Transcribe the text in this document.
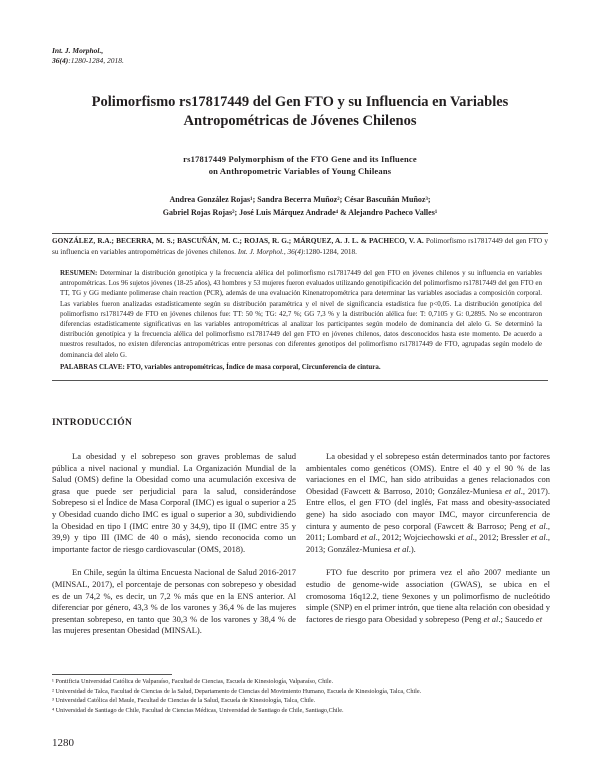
Int. J. Morphol.,
36(4):1280-1284, 2018.
Polimorfismo rs17817449 del Gen FTO y su Influencia en Variables Antropométricas de Jóvenes Chilenos
rs17817449 Polymorphism of the FTO Gene and its Influence
on Anthropometric Variables of Young Chileans
Andrea González Rojas¹; Sandra Becerra Muñoz²; César Bascuñán Muñoz³;
Gabriel Rojas Rojas²; José Luis Márquez Andrade⁴ & Alejandro Pacheco Valles¹
GONZÁLEZ, R.A.; BECERRA, M. S.; BASCUÑÁN, M. C.; ROJAS, R. G.; MÁRQUEZ, A. J. L. & PACHECO, V. A. Polimorfismo rs17817449 del gen FTO y su influencia en variables antropométricas de jóvenes chilenos. Int. J. Morphol., 36(4):1280-1284, 2018.
RESUMEN: Determinar la distribución genotípica y la frecuencia alélica del polimorfismo rs17817449 del gen FTO en jóvenes chilenos y su influencia en variables antropométricas. Los 96 sujetos jóvenes (18-25 años), 43 hombres y 53 mujeres fueron evaluados utilizando genotipificación del polimorfismo rs17817449 del gen FTO en TT, TG y GG mediante polimerase chain reaction (PCR), además de una evaluación Kinenatropométrica para determinar las variables asociadas a composición corporal. Las variables fueron analizadas estadísticamente según su distribución paramétrica y el nivel de significancia estadística fue p<0,05. La distribución genotípica del polimorfismo rs17817449 de FTO en jóvenes chilenos fue: TT: 50 %; TG: 42,7 %; GG 7,3 % y la distribución alélica fue: T: 0,7105 y G: 0,2895. No se encontraron diferencias estadísticamente significativas en las variables antropométricas al analizar los participantes según modelo de dominancia del alelo G. Se determinó la distribución genotípica y la frecuencia alélica del polimorfismo rs17817449 del gen FTO en jóvenes chilenos, datos desconocidos hasta este momento. De acuerdo a nuestros resultados, no existen diferencias antropométricas entre personas con diferentes genotipos del polimorfismo rs17817449 de FTO, agrupadas según modelo de dominancia del alelo G.
PALABRAS CLAVE: FTO, variables antropométricas, Índice de masa corporal, Circunferencia de cintura.
INTRODUCCIÓN

La obesidad y el sobrepeso son graves problemas de salud pública a nivel nacional y mundial. La Organización Mundial de la Salud (OMS) define la Obesidad como una acumulación excesiva de grasa que puede ser perjudicial para la salud, considerándose Sobrepeso si el Índice de Masa Corporal (IMC) es igual o superior a 25 y Obesidad cuando dicho IMC es igual o superior a 30, subdividiendo la Obesidad en tipo I (IMC entre 30 y 34,9), tipo II (IMC entre 35 y 39,9) y tipo III (IMC de 40 o más), siendo reconocida como un importante factor de riesgo cardiovascular (OMS, 2018).

En Chile, según la última Encuesta Nacional de Salud 2016-2017 (MINSAL, 2017), el porcentaje de personas con sobrepeso y obesidad es de un 74,2 %, es decir, un 7,2 % más que en la ENS anterior. Al diferenciar por género, 43,3 % de los varones y 36,4 % de las mujeres presentan sobrepeso, en tanto que 30,3 % de los varones y 38,4 % de las mujeres presentan Obesidad (MINSAL).

La obesidad y el sobrepeso están determinados tanto por factores ambientales como genéticos (OMS). Entre el 40 y el 90 % de las variaciones en el IMC, han sido atribuidas a genes relacionados con Obesidad (Fawcett & Barroso, 2010; González-Muniesa et al., 2017). Entre ellos, el gen FTO (del inglés, Fat mass and obesity-associated gene) ha sido asociado con mayor IMC, mayor circunferencia de cintura y aumento de peso corporal (Fawcett & Barroso; Peng et al., 2011; Lombard et al., 2012; Wojciechowski et al., 2012; Bressler et al., 2013; González-Muniesa et al.).

FTO fue descrito por primera vez el año 2007 mediante un estudio de genome-wide association (GWAS), se ubica en el cromosoma 16q12.2, tiene 9exones y un polimorfismo de nucleótido simple (SNP) en el primer intrón, que tiene alta relación con obesidad y factores de riesgo para Obesidad y sobrepeso (Peng et al.; Saucedo et

¹ Pontificia Universidad Católica de Valparaíso, Facultad de Ciencias, Escuela de Kinesiología, Valparaíso, Chile.
² Universidad de Talca, Facultad de Ciencias de la Salud, Departamento de Ciencias del Movimiento Humano, Escuela de Kinesiología, Talca, Chile.
³ Universidad Católica del Maule, Facultad de Ciencias de la Salud, Escuela de Kinesiología, Talca, Chile.
⁴ Universidad de Santiago de Chile, Facultad de Ciencias Médicas, Universidad de Santiago de Chile, Santiago,Chile.
1280
